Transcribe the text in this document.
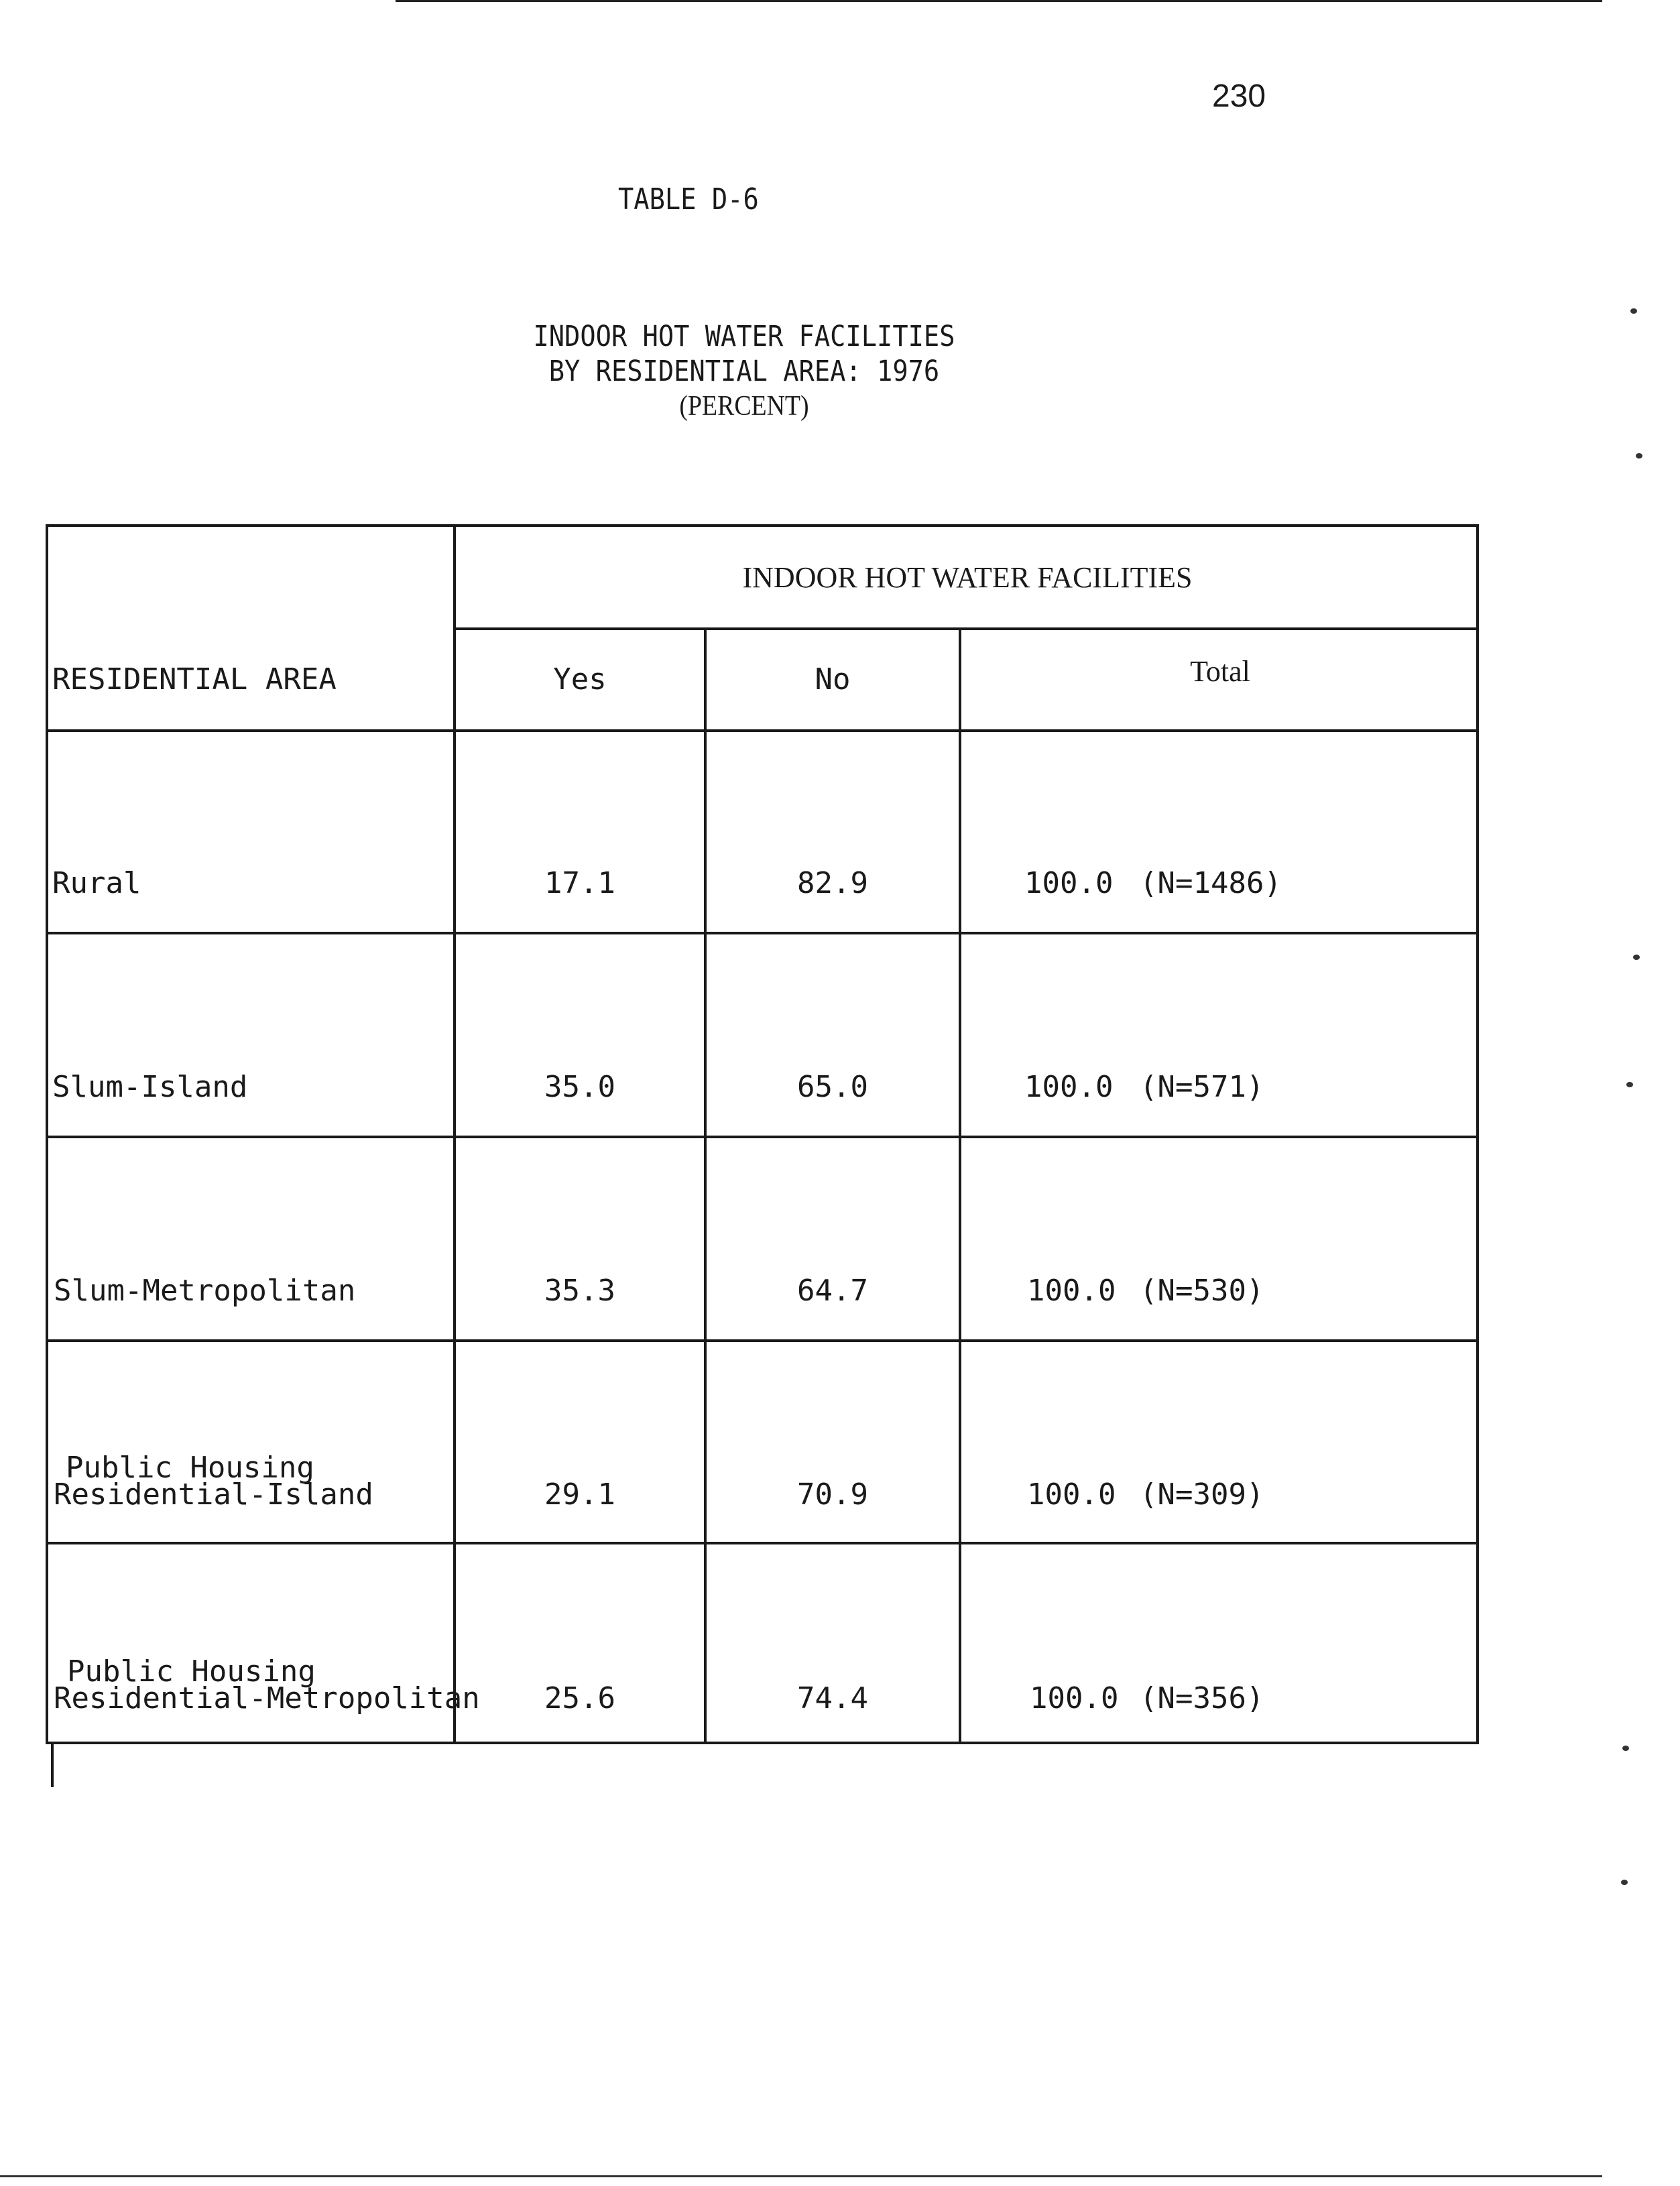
230
TABLE D-6
INDOOR HOT WATER FACILITIES
BY RESIDENTIAL AREA: 1976
(PERCENT)
INDOOR HOT WATER FACILITIES
RESIDENTIAL AREA	Yes	No	Total
Rural	17.1	82.9	100.0 (N=1486)
Slum-Island	35.0	65.0	100.0 (N=571)
Slum-Metropolitan	35.3	64.7	100.0 (N=530)
Public Housing
Residential-Island	29.1	70.9	100.0 (N=309)
Public Housing
Residential-Metropolitan	25.6	74.4	100.0 (N=356)
